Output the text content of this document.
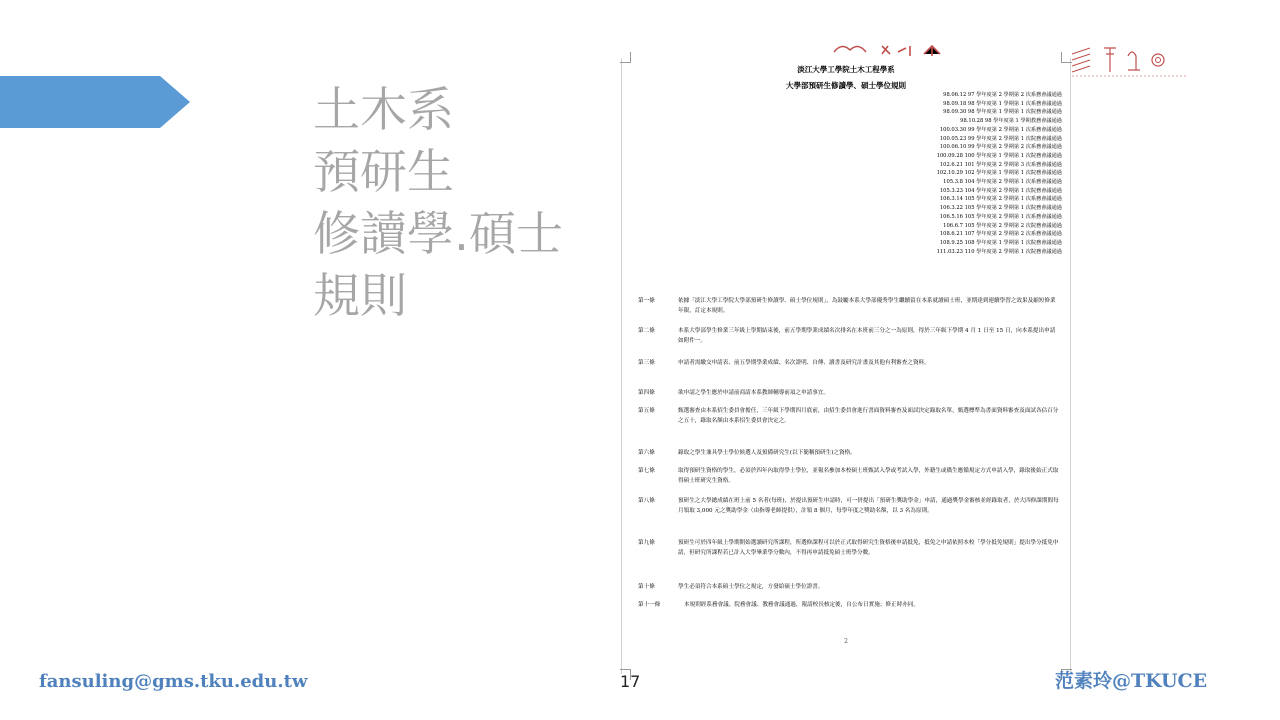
土木系
預研生
修讀學.碩士
規則
淡江大學工學院土木工程學系
大學部預研生修讀學、碩士學位規則
98.06.12 97 學年度第 2 學期第 2 次系務會議通過
98.09.18 98 學年度第 1 學期第 1 次系務會議通過
98.09.30 98 學年度第 1 學期第 1 次院務會議通過
98.10.28 98 學年度第 1 學期教務會議通過
100.03.30 99 學年度第 2 學期第 1 次系務會議通過
100.05.23 99 學年度第 2 學期第 1 次院務會議通過
100.06.10 99 學年度第 2 學期第 2 次系務會議通過
100.09.28 100 學年度第 1 學期第 1 次院務會議通過
102.6.21 101 學年度第 2 學期第 3 次系務會議通過
102.10.29 102 學年度第 1 學期第 1 次院務會議通過
105.3.8 104 學年度第 2 學期第 1 次系務會議通過
105.3.23 104 學年度第 2 學期第 1 次院務會議通過
106.3.14 105 學年度第 2 學期第 1 次系務會議通過
106.3.22 105 學年度第 2 學期第 1 次院務會議通過
106.5.16 105 學年度第 2 學期第 1 次系務會議通過
106.6.7 105 學年度第 2 學期第 2 次院務會議通過
108.6.21 107 學年度第 2 學期第 2 次系務會議通過
108.9.25 108 學年度第 1 學期第 1 次院務會議通過
111.03.23 110 學年度第 2 學期第 1 次院務會議通過
第一條	依據「淡江大學工學院大學部預研生修讀學、碩士學位規則」，為鼓勵本系大學部優秀學生繼續留在本系就讀碩士班，並期達到連續學習之效果及縮短修業年限，訂定本規則。
第二條	本系大學部學生修業三年級上學期結束後，前五學期學業成績名次排名在本班前三分之一為原則，得於三年級下學期 4 月 1 日至 15 日，向本系提出申請如附件一。
第三條	申請者需繳交申請表、前五學期學業成績、名次證明、自傳、讀書及研究計畫及其他有利審查之資料。
第四條	欲申請之學生應於申請前商請本系教師輔導前項之申請事宜。
第五條	甄選審查由本系招生委員會擔任，三年級下學期四月底前，由招生委員會進行書面資料審查及面試決定錄取名單，甄選標準為書面資料審查及面試各佔百分之五十，錄取名額由本系招生委員會決定之。
第六條	錄取之學生兼具學士學位候選人及預備研究生(以下簡稱預研生)之資格。
第七條	取得預研生資格的學生，必須於四年內取得學士學位，並報名參加本校碩士班甄試入學或考試入學，外籍生或僑生應循規定方式申請入學，錄取後始正式取得碩士班研究生資格。
第八條	預研生之大學總成績在班上前 5 名者(每班)，於提出預研生申請時，可一併提出「預研生獎助學金」申請，通過獎學金審核並經錄取者，於大四修課期間每月領取 3,000 元之獎助學金（由指導老師提供），計領 8 個月，每學年度之獎助名額，以 3 名為原則。
第九條	預研生可於四年級上學期開始選讀研究所課程，所選修課程可以於正式取得研究生資格後申請抵免，抵免之申請依照本校「學分抵免規則」提出學分抵免申請，但研究所課程若已計入大學畢業學分數內，不得再申請抵免碩士班學分數。
第十條	學生必須符合本系碩士學位之規定，方發給碩士學位證書。
第十一條	本規則經系務會議、院務會議、教務會議通過，報請校長核定後，自公布日實施；修正時亦同。
2
fansuling@gms.tku.edu.tw	17	范素玲@TKUCE
